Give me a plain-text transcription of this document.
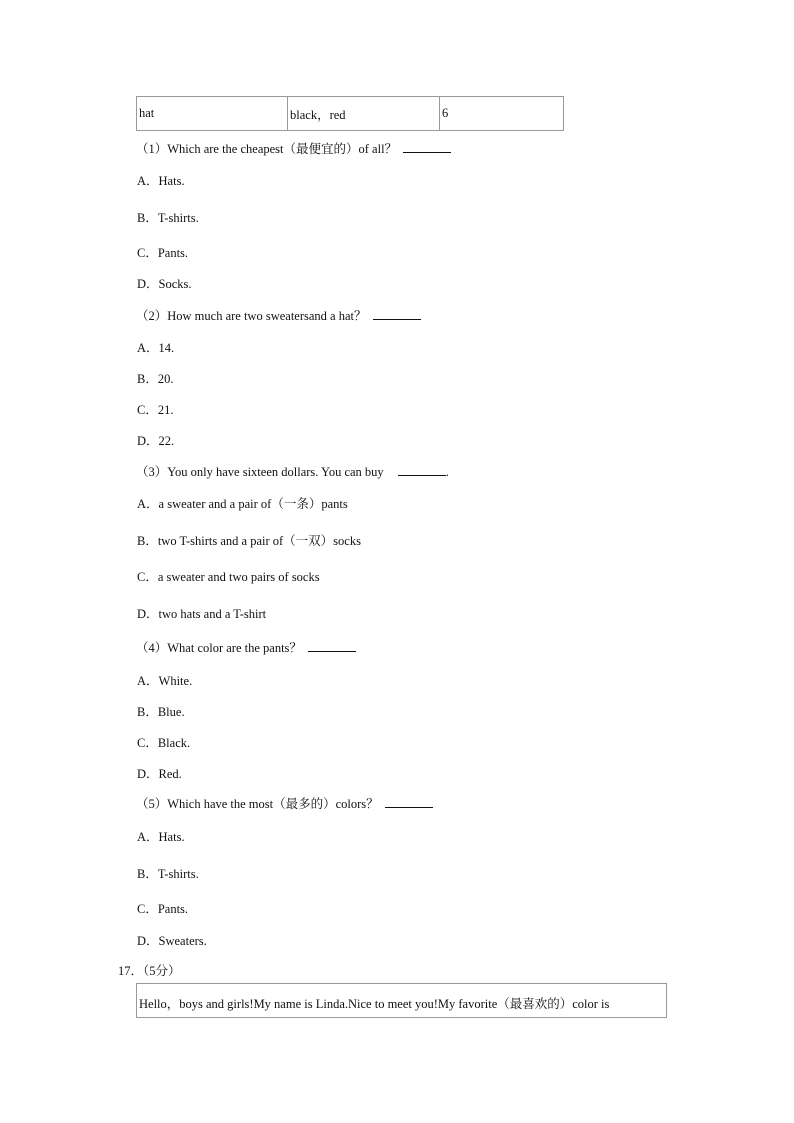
hat	black，red	6
（1）Which are the cheapest（最便宜的）of all？
A．Hats.
B．T-shirts.
C．Pants.
D．Socks.
（2）How much are two sweatersand a hat？
A．14.
B．20.
C．21.
D．22.
（3）You only have sixteen dollars. You can buy	.
A．a sweater and a pair of（一条）pants
B．two T-shirts and a pair of（一双）socks
C．a sweater and two pairs of socks
D．two hats and a T-shirt
（4）What color are the pants？
A．White.
B．Blue.
C．Black.
D．Red.
（5）Which have the most（最多的）colors？
A．Hats.
B．T-shirts.
C．Pants.
D．Sweaters.
17．（5分）
Hello，boys and girls!My name is Linda.Nice to meet you!My favorite（最喜欢的）color is
